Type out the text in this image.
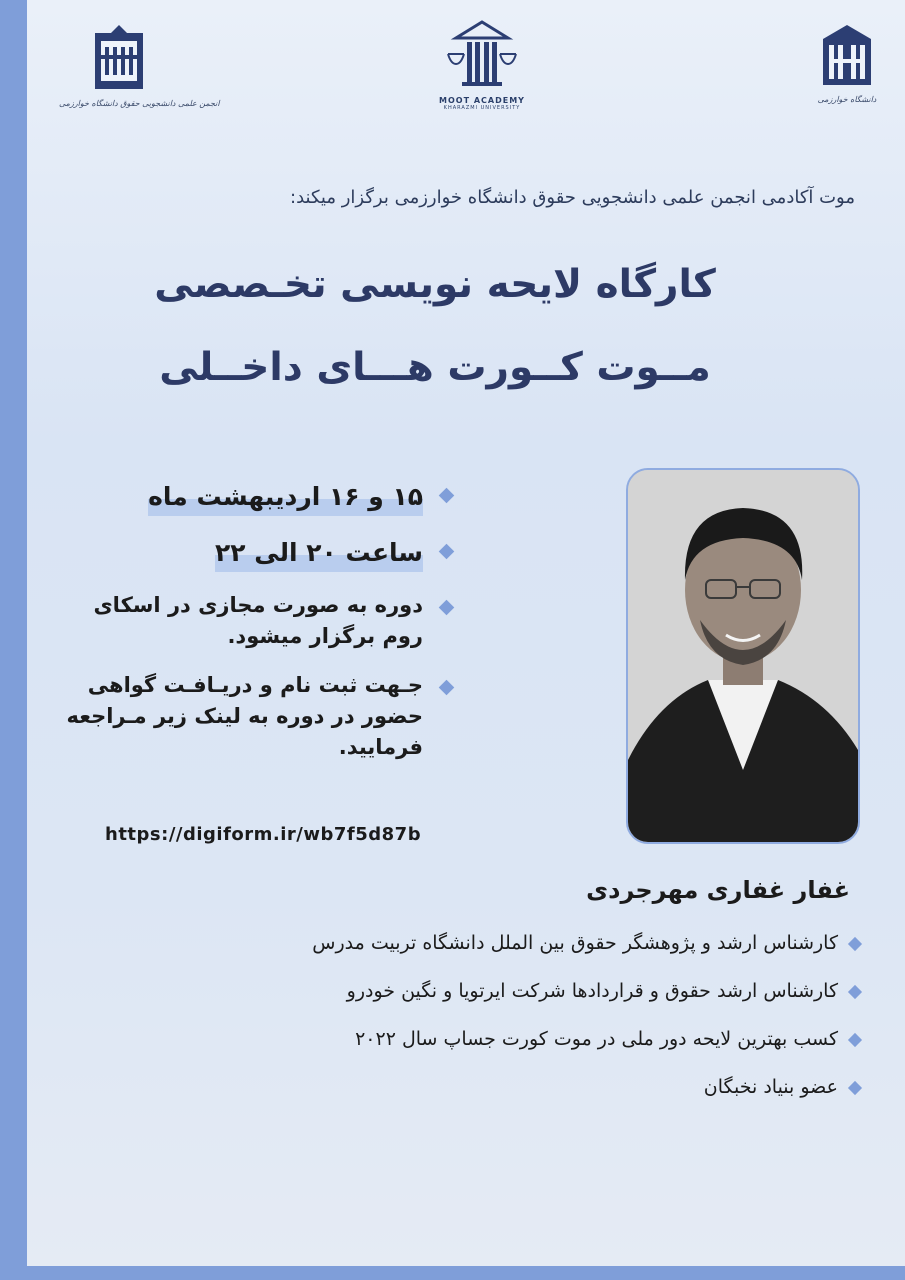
انجمن علمی دانشجویی حقوق دانشگاه خوارزمی	MOOT ACADEMY
KHARAZMI UNIVERSITY
دانشگاه خوارزمی
موت آکادمی انجمن علمی دانشجویی حقوق دانشگاه خوارزمی برگزار میکند:
کارگاه لایحه نویسی تخـصصی
مــوت کــورت هـــای داخــلی
۱۵ و ۱۶ اردیبهشت ماه
ساعت ۲۰ الی ۲۲
دوره به صورت مجازی در اسکای روم برگزار میشود.
جـهت ثبت نام و دریـافـت گواهی حضور در دوره به لینک زیر مـراجعه فرمایید.
https://digiform.ir/wb7f5d87b
غفار غفاری مهرجردی
کارشناس ارشد و پژوهشگر حقوق بین الملل دانشگاه تربیت مدرس
کارشناس ارشد حقوق و قراردادها شرکت ایرتویا و نگین خودرو
کسب بهترین لایحه دور ملی در موت کورت جساپ سال ۲۰۲۲
عضو بنیاد نخبگان
